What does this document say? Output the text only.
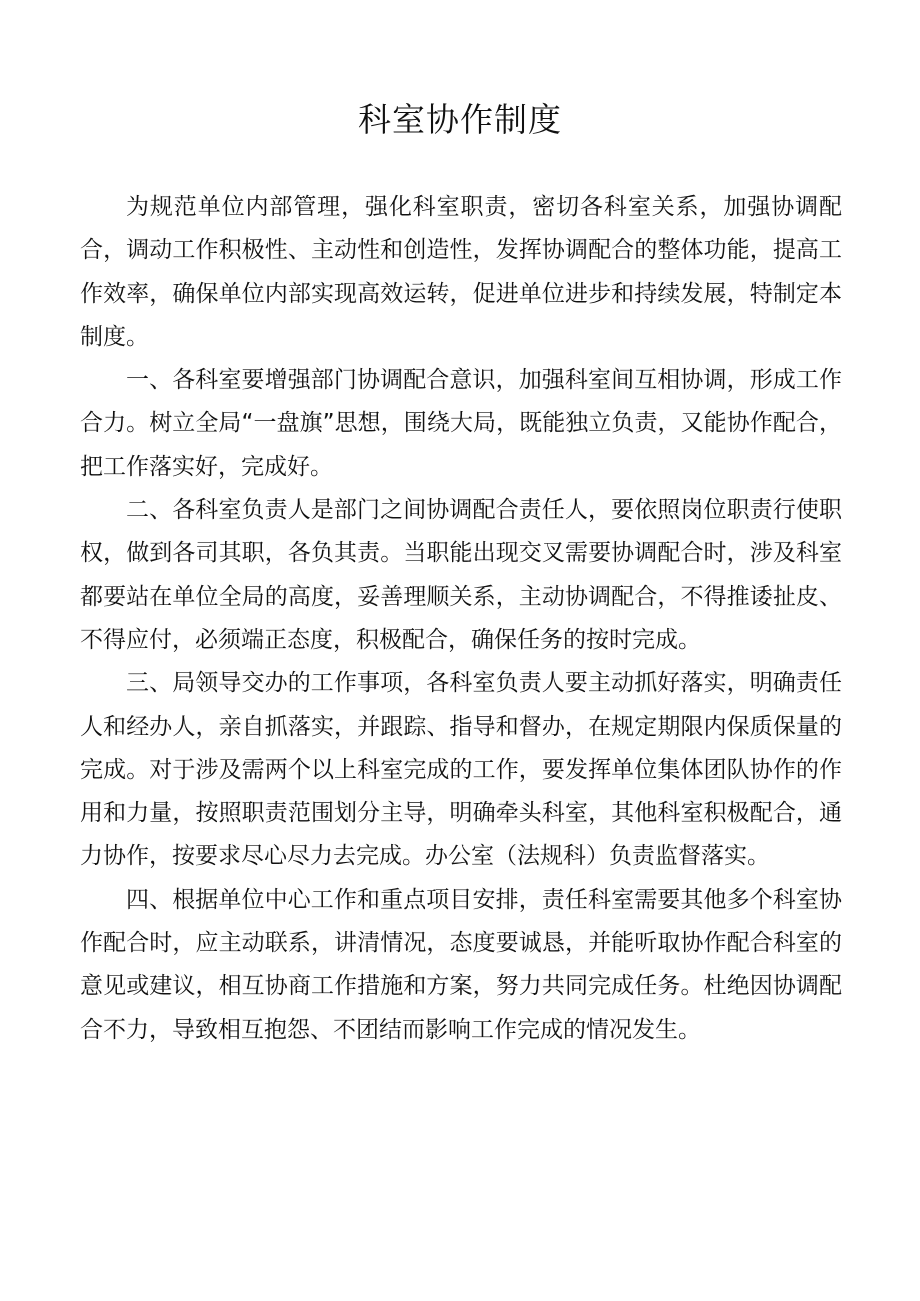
科室协作制度

为规范单位内部管理，强化科室职责，密切各科室关系，加强协调配合，调动工作积极性、主动性和创造性，发挥协调配合的整体功能，提高工作效率，确保单位内部实现高效运转，促进单位进步和持续发展，特制定本制度。

一、各科室要增强部门协调配合意识，加强科室间互相协调，形成工作合力。树立全局“一盘旗”思想，围绕大局，既能独立负责，又能协作配合，把工作落实好，完成好。

二、各科室负责人是部门之间协调配合责任人，要依照岗位职责行使职权，做到各司其职，各负其责。当职能出现交叉需要协调配合时，涉及科室都要站在单位全局的高度，妥善理顺关系，主动协调配合，不得推诿扯皮、不得应付，必须端正态度，积极配合，确保任务的按时完成。

三、局领导交办的工作事项，各科室负责人要主动抓好落实，明确责任人和经办人，亲自抓落实，并跟踪、指导和督办，在规定期限内保质保量的完成。对于涉及需两个以上科室完成的工作，要发挥单位集体团队协作的作用和力量，按照职责范围划分主导，明确牵头科室，其他科室积极配合，通力协作，按要求尽心尽力去完成。办公室（法规科）负责监督落实。

四、根据单位中心工作和重点项目安排，责任科室需要其他多个科室协作配合时，应主动联系，讲清情况，态度要诚恳，并能听取协作配合科室的意见或建议，相互协商工作措施和方案，努力共同完成任务。杜绝因协调配合不力，导致相互抱怨、不团结而影响工作完成的情况发生。
